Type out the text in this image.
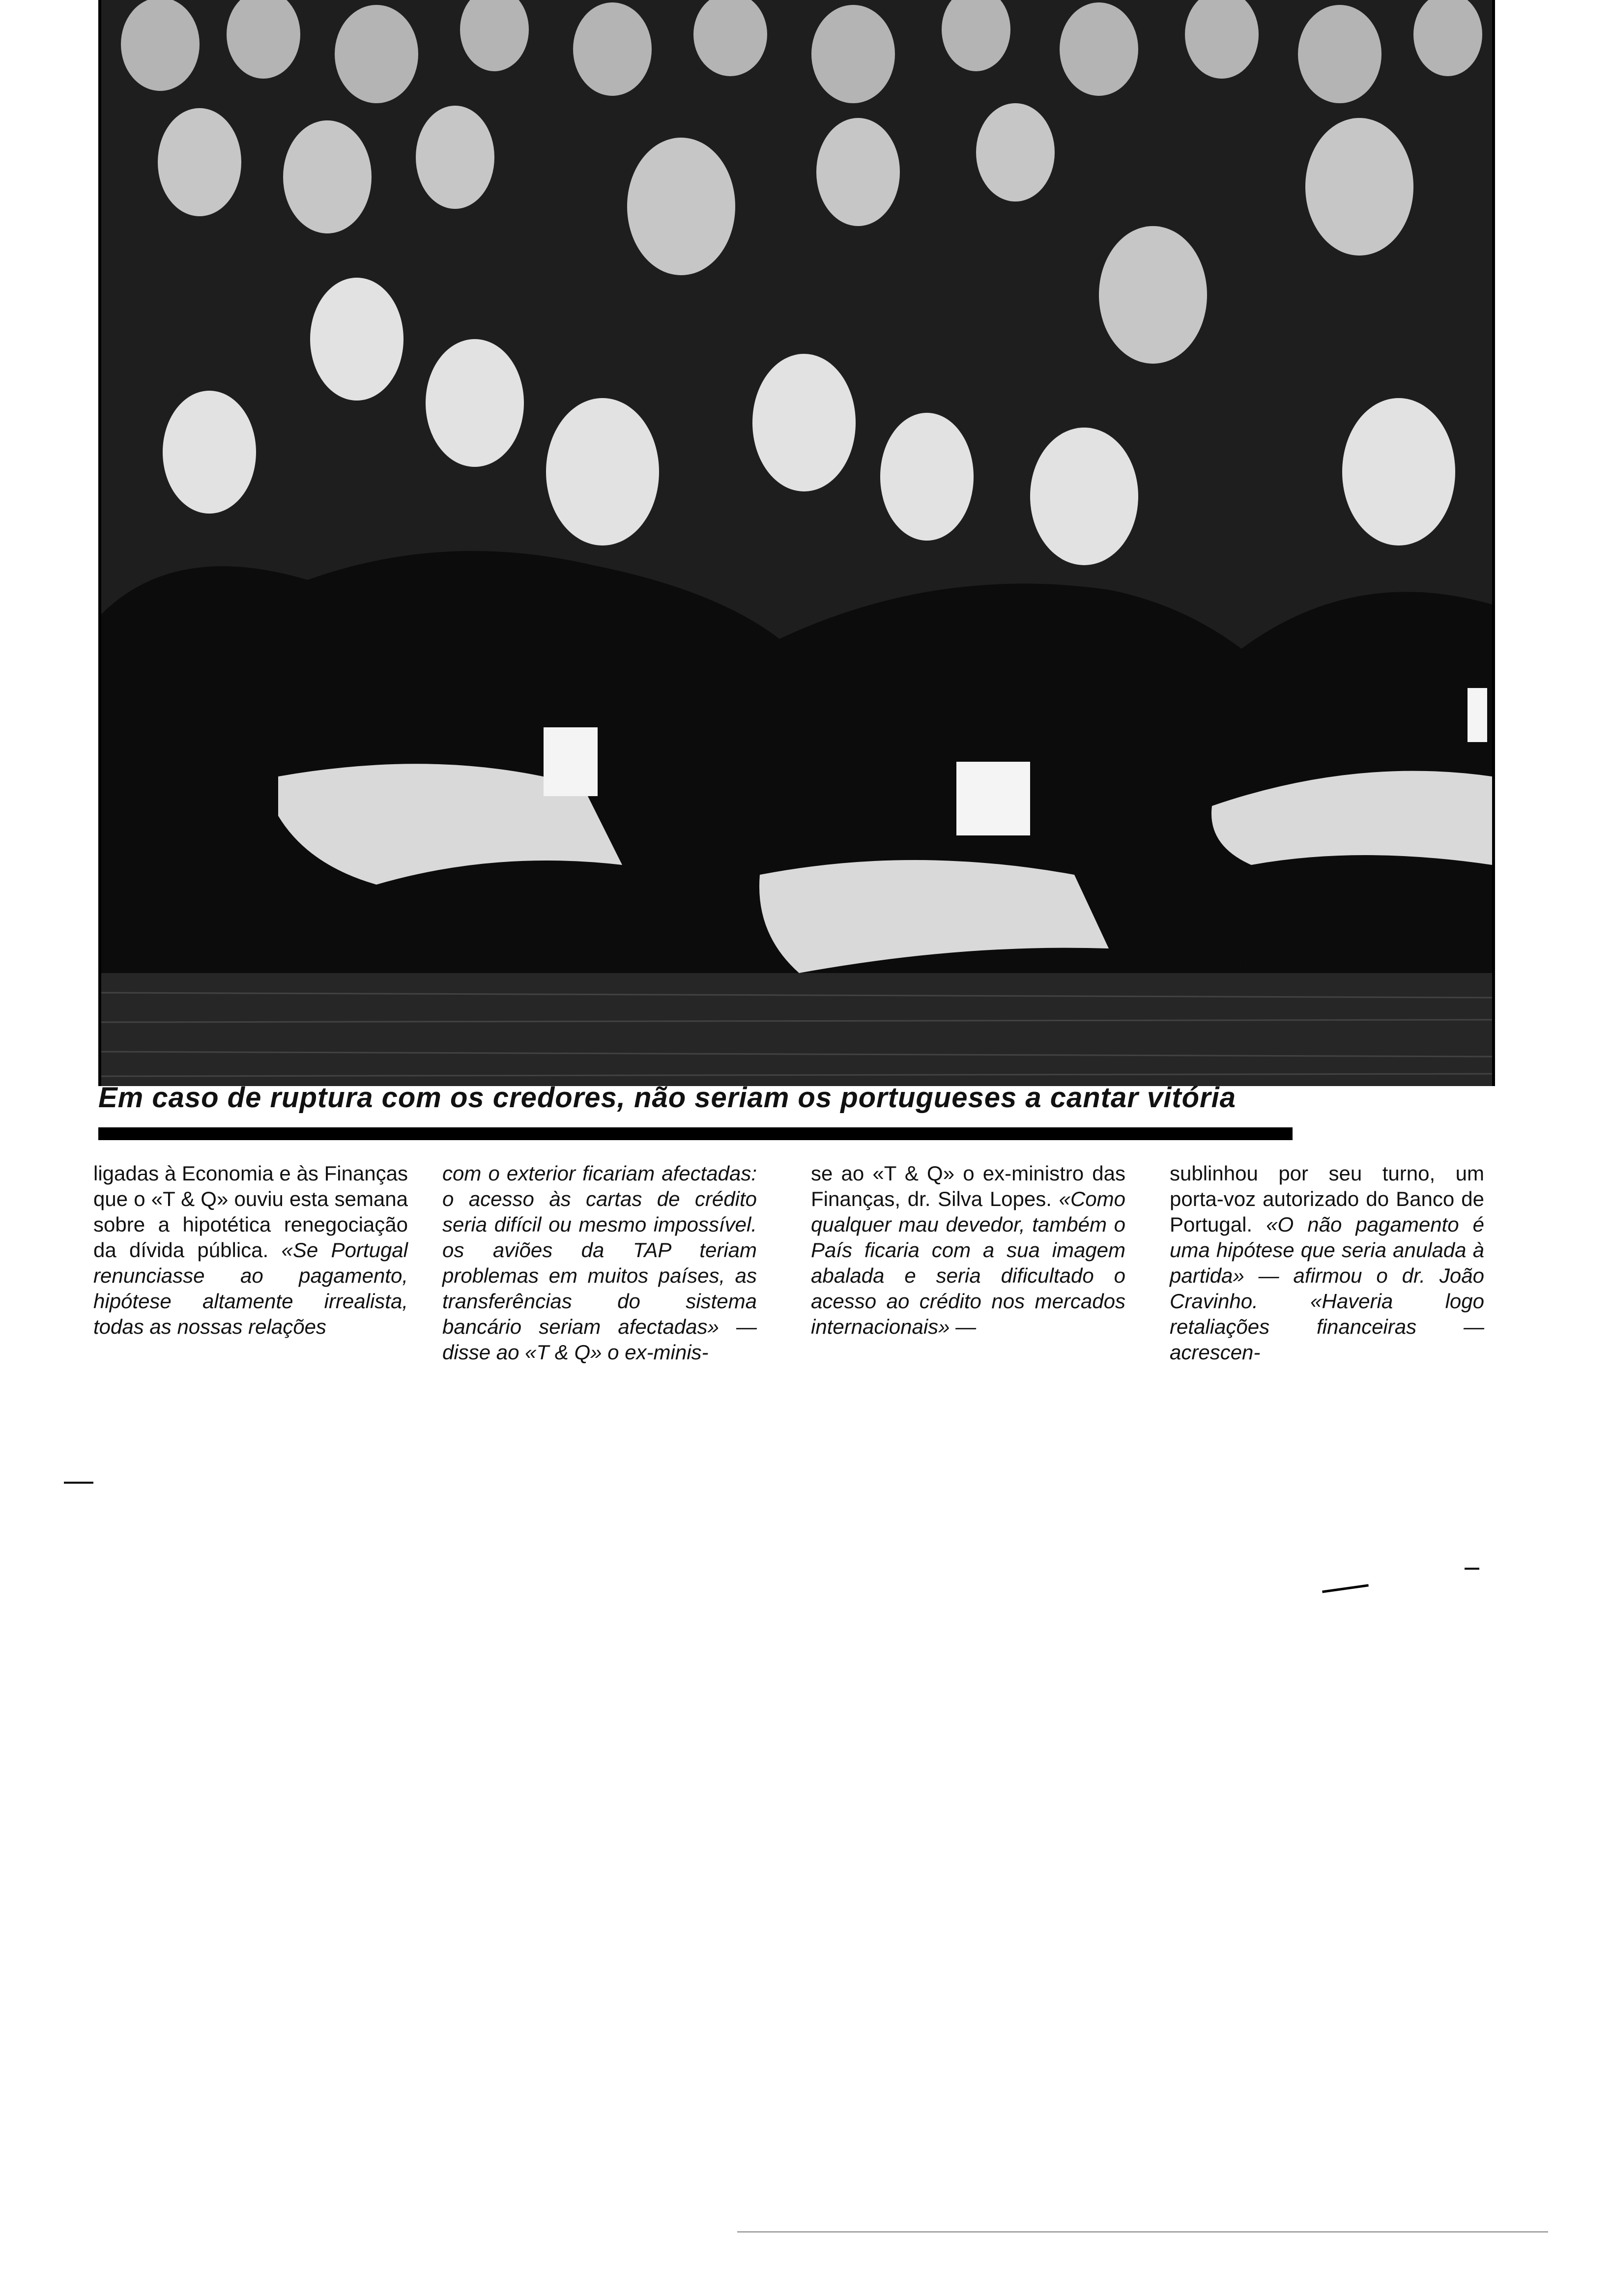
Em caso de ruptura com os credores, não seriam os portugueses a cantar vitória

ligadas à Economia e às Finanças que o «T & Q» ouviu esta semana sobre a hipotética renegociação da dívida pública. «Se Portugal renunciasse ao pagamento, hipótese altamente irrealista, todas as nossas relações

com o exterior ficariam afectadas: o acesso às cartas de crédito seria difícil ou mesmo impossível. os aviões da TAP teriam problemas em muitos países, as transferências do sistema bancário seriam afectadas» — disse ao «T & Q» o ex-minis-

se ao «T & Q» o ex-ministro das Finanças, dr. Silva Lopes. «Como qualquer mau devedor, também o País ficaria com a sua imagem abalada e seria dificultado o acesso ao crédito nos mercados internacionais» —

sublinhou por seu turno, um porta-voz autorizado do Banco de Portugal. «O não pagamento é uma hipótese que seria anulada à partida» — afirmou o dr. João Cravinho. «Haveria logo retaliações financeiras — acrescen-
